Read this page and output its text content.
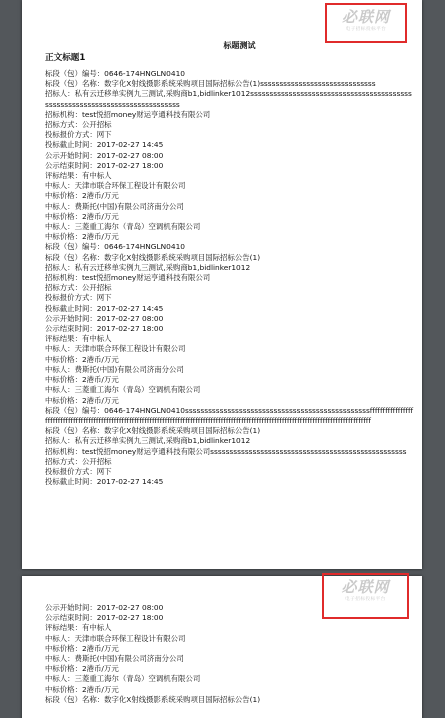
必联网
电子招标投标平台
标题测试
正文标题1
标段（包）编号：0646-174HNGLN0410
标段（包）名称：数字化X射线摄影系统采购项目国际招标公告(1)ssssssssssssssssssssssssssssss
招标人：私有云迁移单实例九三测试,采购商b1,bidlinker1012sssssssssssssssssssssssssssssssssssssssssssssssssssssssssssssssssssssssssssss
招标机构：test悦招money财运亨通科技有限公司
招标方式：公开招标
投标报价方式：网下
投标截止时间：2017-02-27 14:45
公示开始时间：2017-02-27 08:00
公示结束时间：2017-02-27 18:00
评标结果：有中标人
中标人：天津市联合环保工程设计有限公司
中标价格：2港币/万元
中标人：费斯托(中国)有限公司济南分公司
中标价格：2港币/万元
中标人：三菱重工海尔（青岛）空调机有限公司
中标价格：2港币/万元
标段（包）编号：0646-174HNGLN0410
标段（包）名称：数字化X射线摄影系统采购项目国际招标公告(1)
招标人：私有云迁移单实例九三测试,采购商b1,bidlinker1012
招标机构：test悦招money财运亨通科技有限公司
招标方式：公开招标
投标报价方式：网下
投标截止时间：2017-02-27 14:45
公示开始时间：2017-02-27 08:00
公示结束时间：2017-02-27 18:00
评标结果：有中标人
中标人：天津市联合环保工程设计有限公司
中标价格：2港币/万元
中标人：费斯托(中国)有限公司济南分公司
中标价格：2港币/万元
中标人：三菱重工海尔（青岛）空调机有限公司
中标价格：2港币/万元
标段（包）编号：0646-174HNGLN0410ssssssssssssssssssssssssssssssssssssssssssssssssfffffffffffffffffffffffffffffffffffffffffffffffffffffffffffffffffffffffffffffffffffffffffffffffffffffffffffffffffffffffffffffffffffffffffffffffff
标段（包）名称：数字化X射线摄影系统采购项目国际招标公告(1)
招标人：私有云迁移单实例九三测试,采购商b1,bidlinker1012
招标机构：test悦招money财运亨通科技有限公司sssssssssssssssssssssssssssssssssssssssssssssssssss
招标方式：公开招标
投标报价方式：网下
投标截止时间：2017-02-27 14:45
必联网
电子招标投标平台
公示开始时间：2017-02-27 08:00
公示结束时间：2017-02-27 18:00
评标结果：有中标人
中标人：天津市联合环保工程设计有限公司
中标价格：2港币/万元
中标人：费斯托(中国)有限公司济南分公司
中标价格：2港币/万元
中标人：三菱重工海尔（青岛）空调机有限公司
中标价格：2港币/万元
标段（包）名称：数字化X射线摄影系统采购项目国际招标公告(1)
